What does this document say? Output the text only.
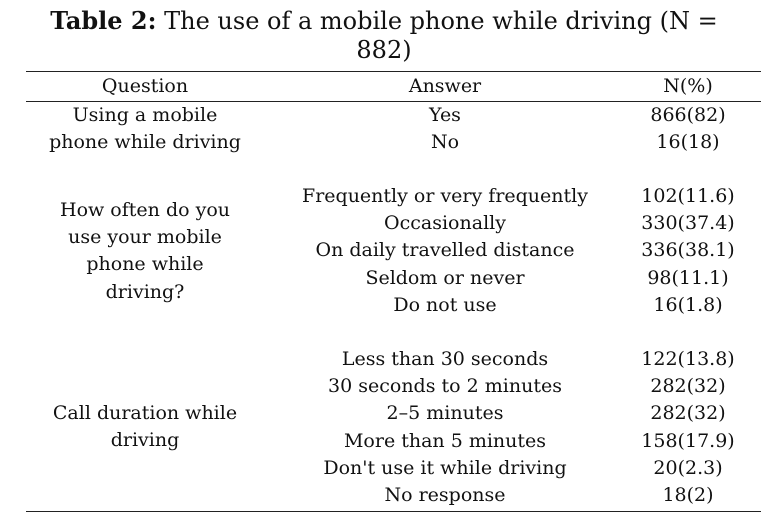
Table 2: The use of a mobile phone while driving (N =
882)
Question	Answer	N(%)
Using a mobile
phone while driving
Yes
No
866(82)
16(18)
How often do you
use your mobile
phone while
driving?
Frequently or very frequently
Occasionally
On daily travelled distance
Seldom or never
Do not use
102(11.6)
330(37.4)
336(38.1)
98(11.1)
16(1.8)
Call duration while
driving
Less than 30 seconds
30 seconds to 2 minutes
2–5 minutes
More than 5 minutes
Don't use it while driving
No response
122(13.8)
282(32)
282(32)
158(17.9)
20(2.3)
18(2)
